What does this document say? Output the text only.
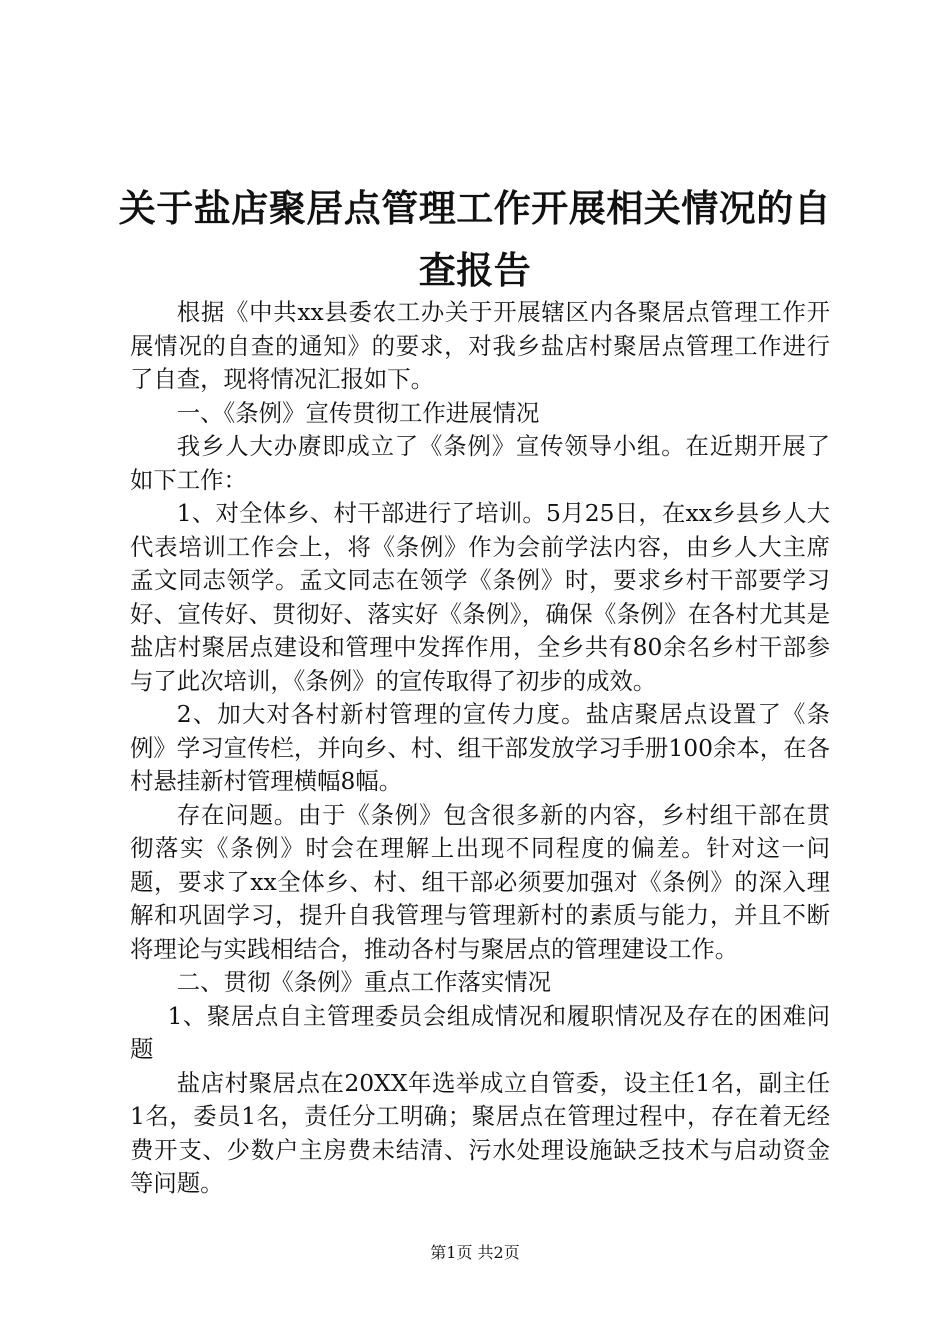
关于盐店聚居点管理工作开展相关情况的自查报告

根据《中共xx县委农工办关于开展辖区内各聚居点管理工作开展情况的自查的通知》的要求，对我乡盐店村聚居点管理工作进行了自查，现将情况汇报如下。

一、《条例》宣传贯彻工作进展情况

我乡人大办赓即成立了《条例》宣传领导小组。在近期开展了如下工作：

1、对全体乡、村干部进行了培训。5月25日，在xx乡县乡人大代表培训工作会上，将《条例》作为会前学法内容，由乡人大主席孟文同志领学。孟文同志在领学《条例》时，要求乡村干部要学习好、宣传好、贯彻好、落实好《条例》，确保《条例》在各村尤其是盐店村聚居点建设和管理中发挥作用，全乡共有80余名乡村干部参与了此次培训，《条例》的宣传取得了初步的成效。

2、加大对各村新村管理的宣传力度。盐店聚居点设置了《条例》学习宣传栏，并向乡、村、组干部发放学习手册100余本，在各村悬挂新村管理横幅8幅。

存在问题。由于《条例》包含很多新的内容，乡村组干部在贯彻落实《条例》时会在理解上出现不同程度的偏差。针对这一问题，要求了xx全体乡、村、组干部必须要加强对《条例》的深入理解和巩固学习，提升自我管理与管理新村的素质与能力，并且不断将理论与实践相结合，推动各村与聚居点的管理建设工作。

二、贯彻《条例》重点工作落实情况

1、聚居点自主管理委员会组成情况和履职情况及存在的困难问题

盐店村聚居点在20XX年选举成立自管委，设主任1名，副主任1名，委员1名，责任分工明确；聚居点在管理过程中，存在着无经费开支、少数户主房费未结清、污水处理设施缺乏技术与启动资金等问题。

第1页 共2页
